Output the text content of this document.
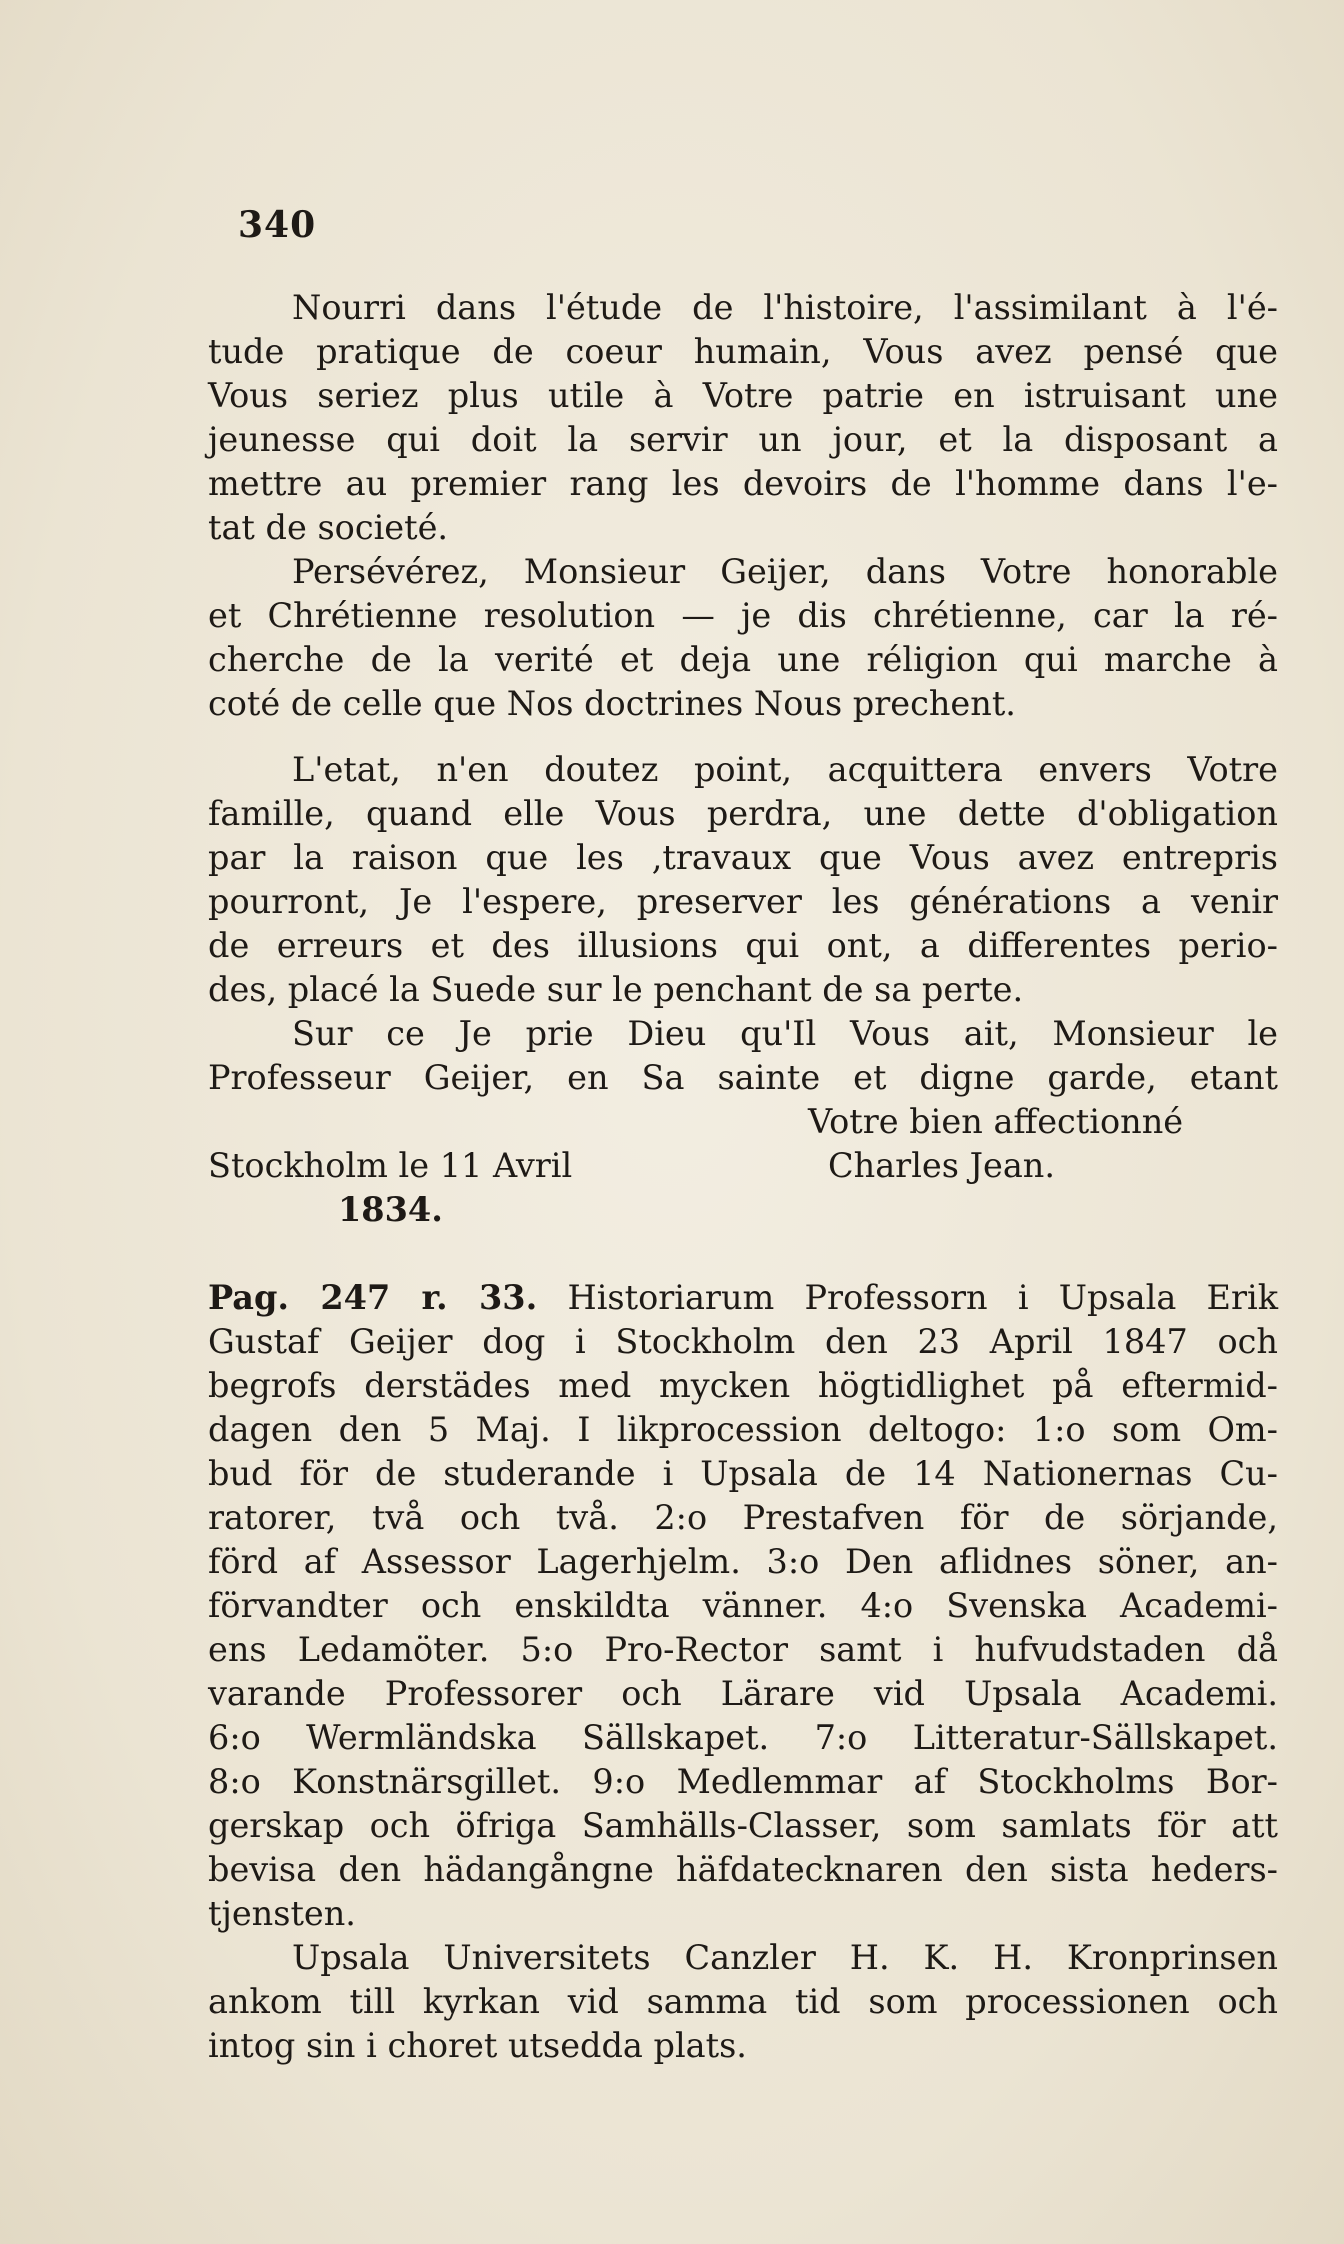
340
Nourri dans l'étude de l'histoire, l'assimilant à l'é-
tude pratique de coeur humain, Vous avez pensé que
Vous seriez plus utile à Votre patrie en istruisant une
jeunesse qui doit la servir un jour, et la disposant a
mettre au premier rang les devoirs de l'homme dans l'e-
tat de societé.
Persévérez, Monsieur Geijer, dans Votre honorable
et Chrétienne resolution — je dis chrétienne, car la ré-
cherche de la verité et deja une réligion qui marche à
coté de celle que Nos doctrines Nous prechent.
L'etat, n'en doutez point, acquittera envers Votre
famille, quand elle Vous perdra, une dette d'obligation
par la raison que les ,travaux que Vous avez entrepris
pourront, Je l'espere, preserver les générations a venir
de erreurs et des illusions qui ont, a differentes perio-
des, placé la Suede sur le penchant de sa perte.
Sur ce Je prie Dieu qu'Il Vous ait, Monsieur le
Professeur Geijer, en Sa sainte et digne garde, etant
Votre bien affectionné
Stockholm le 11 Avril	Charles Jean.
1834.
Pag. 247 r. 33. Historiarum Professorn i Upsala Erik
Gustaf Geijer dog i Stockholm den 23 April 1847 och
begrofs derstädes med mycken högtidlighet på eftermid-
dagen den 5 Maj. I likprocession deltogo: 1:o som Om-
bud för de studerande i Upsala de 14 Nationernas Cu-
ratorer, två och två. 2:o Prestafven för de sörjande,
förd af Assessor Lagerhjelm. 3:o Den aflidnes söner, an-
förvandter och enskildta vänner. 4:o Svenska Academi-
ens Ledamöter. 5:o Pro-Rector samt i hufvudstaden då
varande Professorer och Lärare vid Upsala Academi.
6:o Wermländska Sällskapet. 7:o Litteratur-Sällskapet.
8:o Konstnärsgillet. 9:o Medlemmar af Stockholms Bor-
gerskap och öfriga Samhälls-Classer, som samlats för att
bevisa den hädangångne häfdatecknaren den sista heders-
tjensten.
Upsala Universitets Canzler H. K. H. Kronprinsen
ankom till kyrkan vid samma tid som processionen och
intog sin i choret utsedda plats.
